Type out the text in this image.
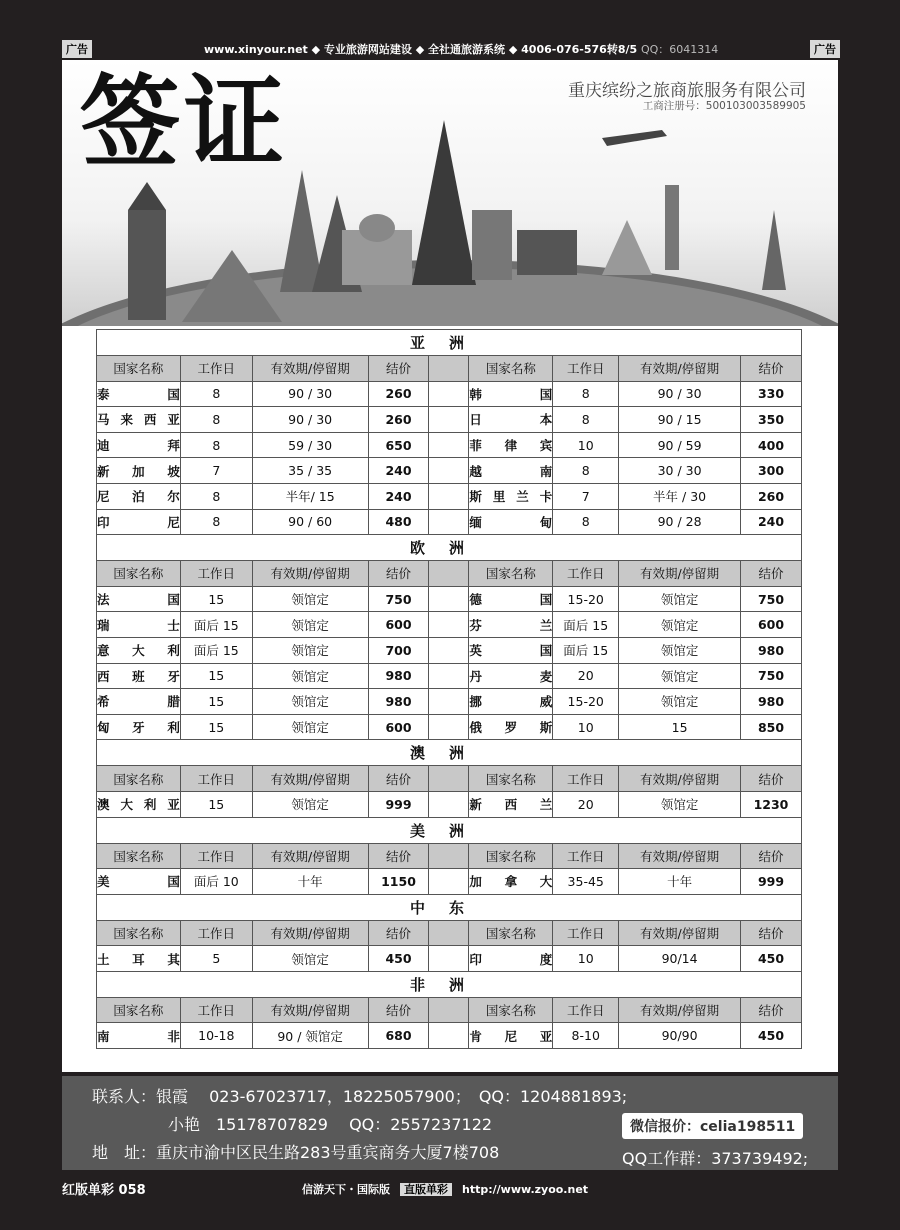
广告	www.xinyour.net ◆ 专业旅游网站建设 ◆ 全社通旅游系统 ◆ 4006-076-576转8/5 QQ：6041314	广告
签证	重庆缤纷之旅商旅服务有限公司
工商注册号：500103003589905
亚洲								
国家名称	工作日	有效期/停留期	结价		国家名称	工作日	有效期/停留期	结价
泰国	8	90 / 30	260		韩国	8	90 / 30	330
马来西亚	8	90 / 30	260		日本	8	90 / 15	350
迪拜	8	59 / 30	650		菲律宾	10	90 / 59	400
新加坡	7	35 / 35	240		越南	8	30 / 30	300
尼泊尔	8	半年/ 15	240		斯里兰卡	7	半年 / 30	260
印尼	8	90 / 60	480		缅甸	8	90 / 28	240
欧洲								
国家名称	工作日	有效期/停留期	结价		国家名称	工作日	有效期/停留期	结价
法国	15	领馆定	750		德国	15-20	领馆定	750
瑞士	面后 15	领馆定	600		芬兰	面后 15	领馆定	600
意大利	面后 15	领馆定	700		英国	面后 15	领馆定	980
西班牙	15	领馆定	980		丹麦	20	领馆定	750
希腊	15	领馆定	980		挪威	15-20	领馆定	980
匈牙利	15	领馆定	600		俄罗斯	10	15	850
澳洲								
国家名称	工作日	有效期/停留期	结价		国家名称	工作日	有效期/停留期	结价
澳大利亚	15	领馆定	999		新西兰	20	领馆定	1230
美洲								
国家名称	工作日	有效期/停留期	结价		国家名称	工作日	有效期/停留期	结价
美国	面后 10	十年	1150		加拿大	35-45	十年	999
中东								
国家名称	工作日	有效期/停留期	结价		国家名称	工作日	有效期/停留期	结价
土耳其	5	领馆定	450		印度	10	90/14	450
非洲								
国家名称	工作日	有效期/停留期	结价		国家名称	工作日	有效期/停留期	结价
南非	10-18	90 / 领馆定	680		肯尼亚	8-10	90/90	450
联系人：银霞　 023-67023717，18225057900；　QQ：1204881893;
小艳　15178707829　 QQ：2557237122
地　址：重庆市渝中区民生路283号重宾商务大厦7楼708
微信报价：celia198511
QQ工作群：373739492;
红版单彩 058	信游天下・国际版 直版单彩 http://www.zyoo.net
